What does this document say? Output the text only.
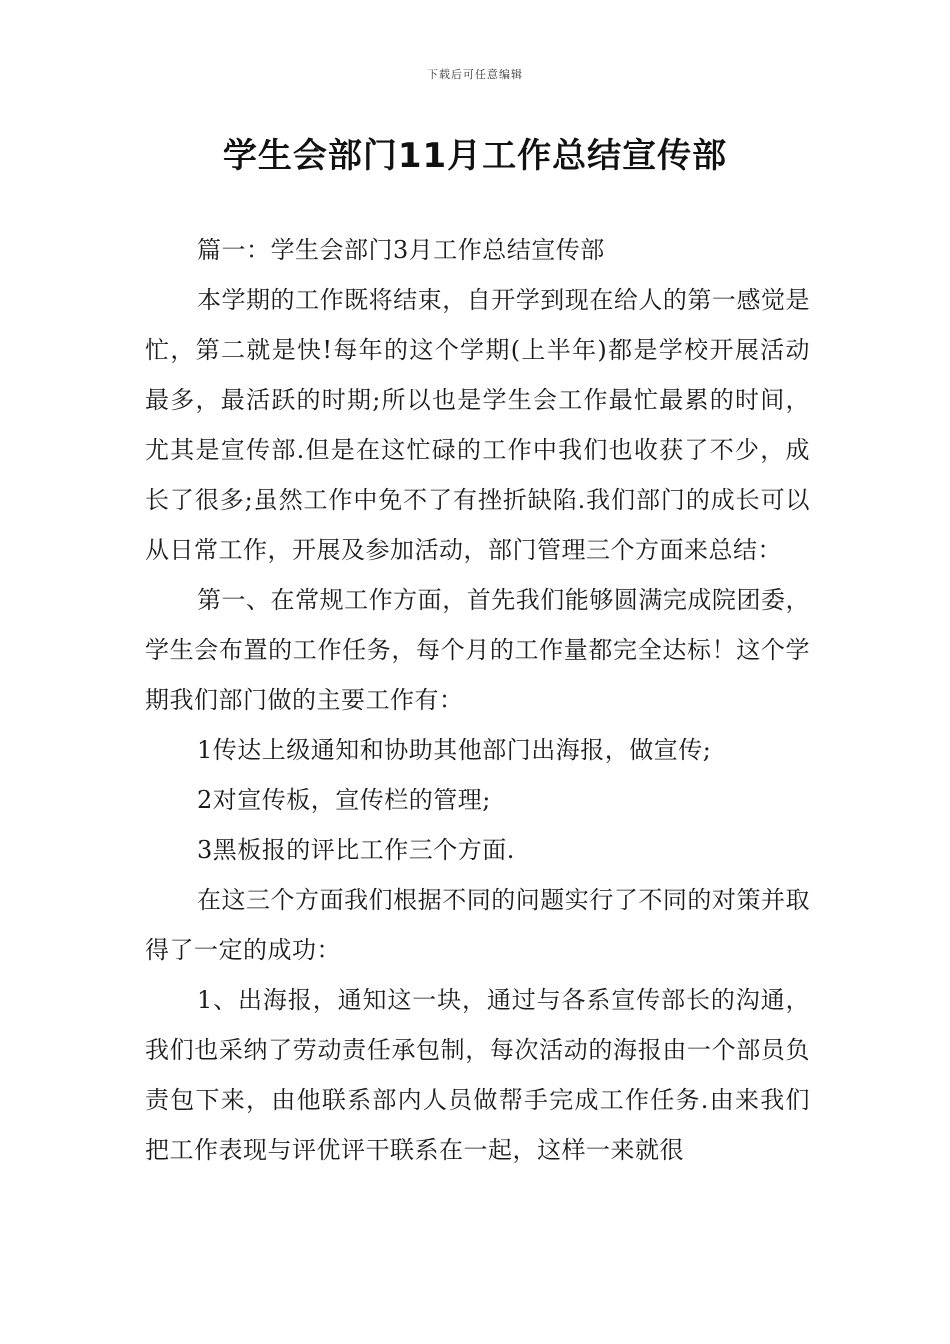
下载后可任意编辑
学生会部门11月工作总结宣传部

篇一：学生会部门3月工作总结宣传部

本学期的工作既将结束，自开学到现在给人的第一感觉是忙，第二就是快!每年的这个学期(上半年)都是学校开展活动最多，最活跃的时期;所以也是学生会工作最忙最累的时间，尤其是宣传部.但是在这忙碌的工作中我们也收获了不少，成长了很多;虽然工作中免不了有挫折缺陷.我们部门的成长可以从日常工作，开展及参加活动，部门管理三个方面来总结：

第一、在常规工作方面，首先我们能够圆满完成院团委，学生会布置的工作任务，每个月的工作量都完全达标！这个学期我们部门做的主要工作有：

1传达上级通知和协助其他部门出海报，做宣传;

2对宣传板，宣传栏的管理;

3黑板报的评比工作三个方面.

在这三个方面我们根据不同的问题实行了不同的对策并取得了一定的成功：

1、出海报，通知这一块，通过与各系宣传部长的沟通，我们也采纳了劳动责任承包制，每次活动的海报由一个部员负责包下来，由他联系部内人员做帮手完成工作任务.由来我们把工作表现与评优评干联系在一起，这样一来就很
